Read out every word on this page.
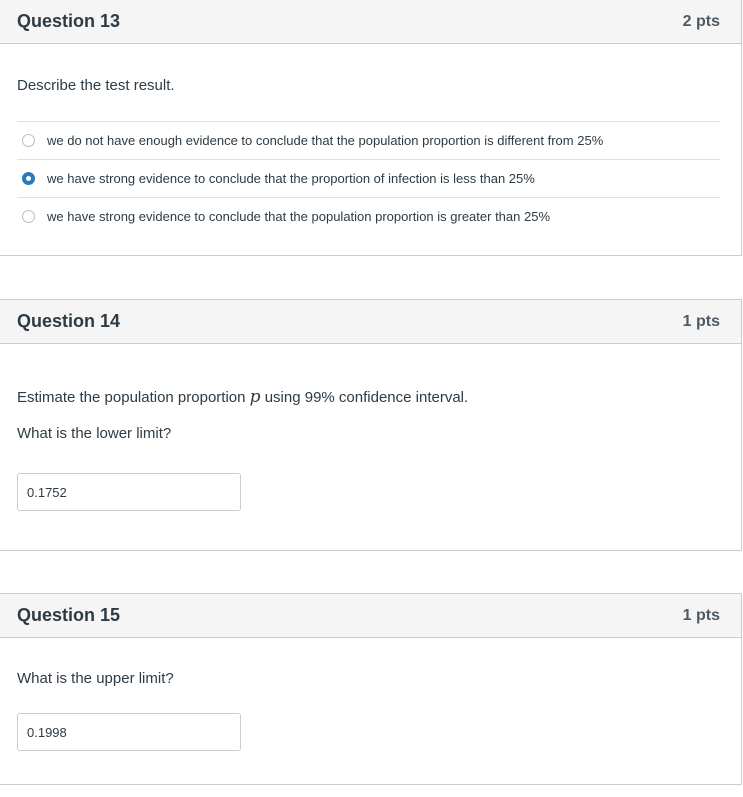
Question 13	2 pts

Describe the test result.

we do not have enough evidence to conclude that the population proportion is different from 25%
we have strong evidence to conclude that the proportion of infection is less than 25%
we have strong evidence to conclude that the population proportion is greater than 25%
Question 14	1 pts

Estimate the population proportion p using 99% confidence interval.

What is the lower limit?

0.1752
Question 15	1 pts

What is the upper limit?

0.1998
